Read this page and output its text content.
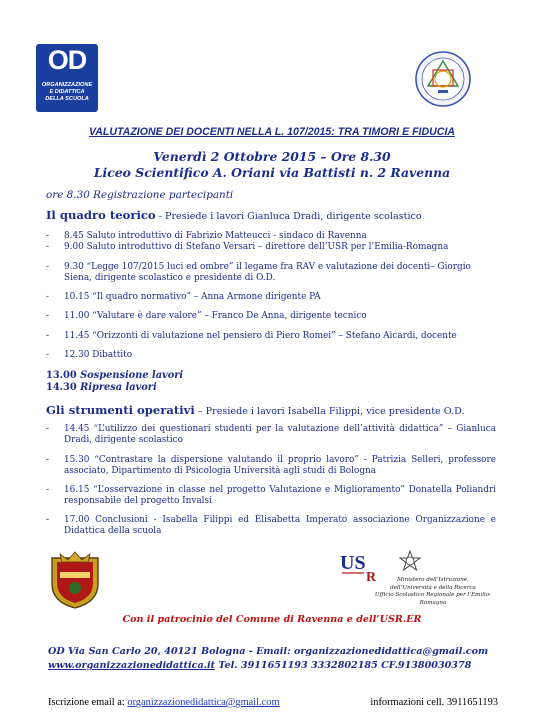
OD
ORGANIZZAZIONE
E DIDATTICA
DELLA SCUOLA
VALUTAZIONE DEI DOCENTI NELLA L. 107/2015: TRA TIMORI E FIDUCIA
Venerdì 2 Ottobre 2015 – Ore 8.30
Liceo Scientifico A. Oriani via Battisti n. 2 Ravenna
ore 8.30 Registrazione partecipanti
Il quadro teorico - Presiede i lavori Gianluca Dradi, dirigente scolastico
- 8.45 Saluto introduttivo di Fabrizio Matteucci - sindaco di Ravenna
- 9.00 Saluto introduttivo di Stefano Versari – direttore dell’USR per l’Emilia-Romagna
- 9.30 “Legge 107/2015 luci ed ombre” il legame fra RAV e valutazione dei docenti– Giorgio Siena, dirigente scolastico e presidente di O.D.
- 10.15 “Il quadro normativo” – Anna Armone dirigente PA
- 11.00 “Valutare è dare valore” – Franco De Anna, dirigente tecnico
- 11.45 “Orizzonti di valutazione nel pensiero di Piero Romei” – Stefano Aicardi, docente
- 12.30 Dibattito
13.00 Sospensione lavori
14.30 Ripresa lavori
Gli strumenti operativi – Presiede i lavori Isabella Filippi, vice presidente O.D.
- 14.45 “L’utilizzo dei questionari studenti per la valutazione dell’attività didattica” – Gianluca Dradi, dirigente scolastico
- 15.30 “Contrastare la dispersione valutando il proprio lavoro” - Patrizia Selleri, professore associato, Dipartimento di Psicologia Università agli studi di Bologna
- 16.15 “L’osservazione in classe nel progetto Valutazione e Miglioramento” Donatella Poliandri responsabile del progetto Invalsi
- 17.00 Conclusioni - Isabella Filippi ed Elisabetta Imperato associazione Organizzazione e Didattica della scuola
US
R	Ministero dell’Istruzione,
dell’Università e della Ricerca
Ufficio Scolastico Regionale per l’Emilia-Romagna
Con il patrocinio del Comune di Ravenna e dell’USR.ER
OD Via San Carlo 20, 40121 Bologna - Email: organizzazionedidattica@gmail.com
www.organizzazionedidattica.it Tel. 3911651193 3332802185 CF.91380030378
Iscrizione email a: organizzazionedidattica@gmail.com	informazioni cell. 3911651193
